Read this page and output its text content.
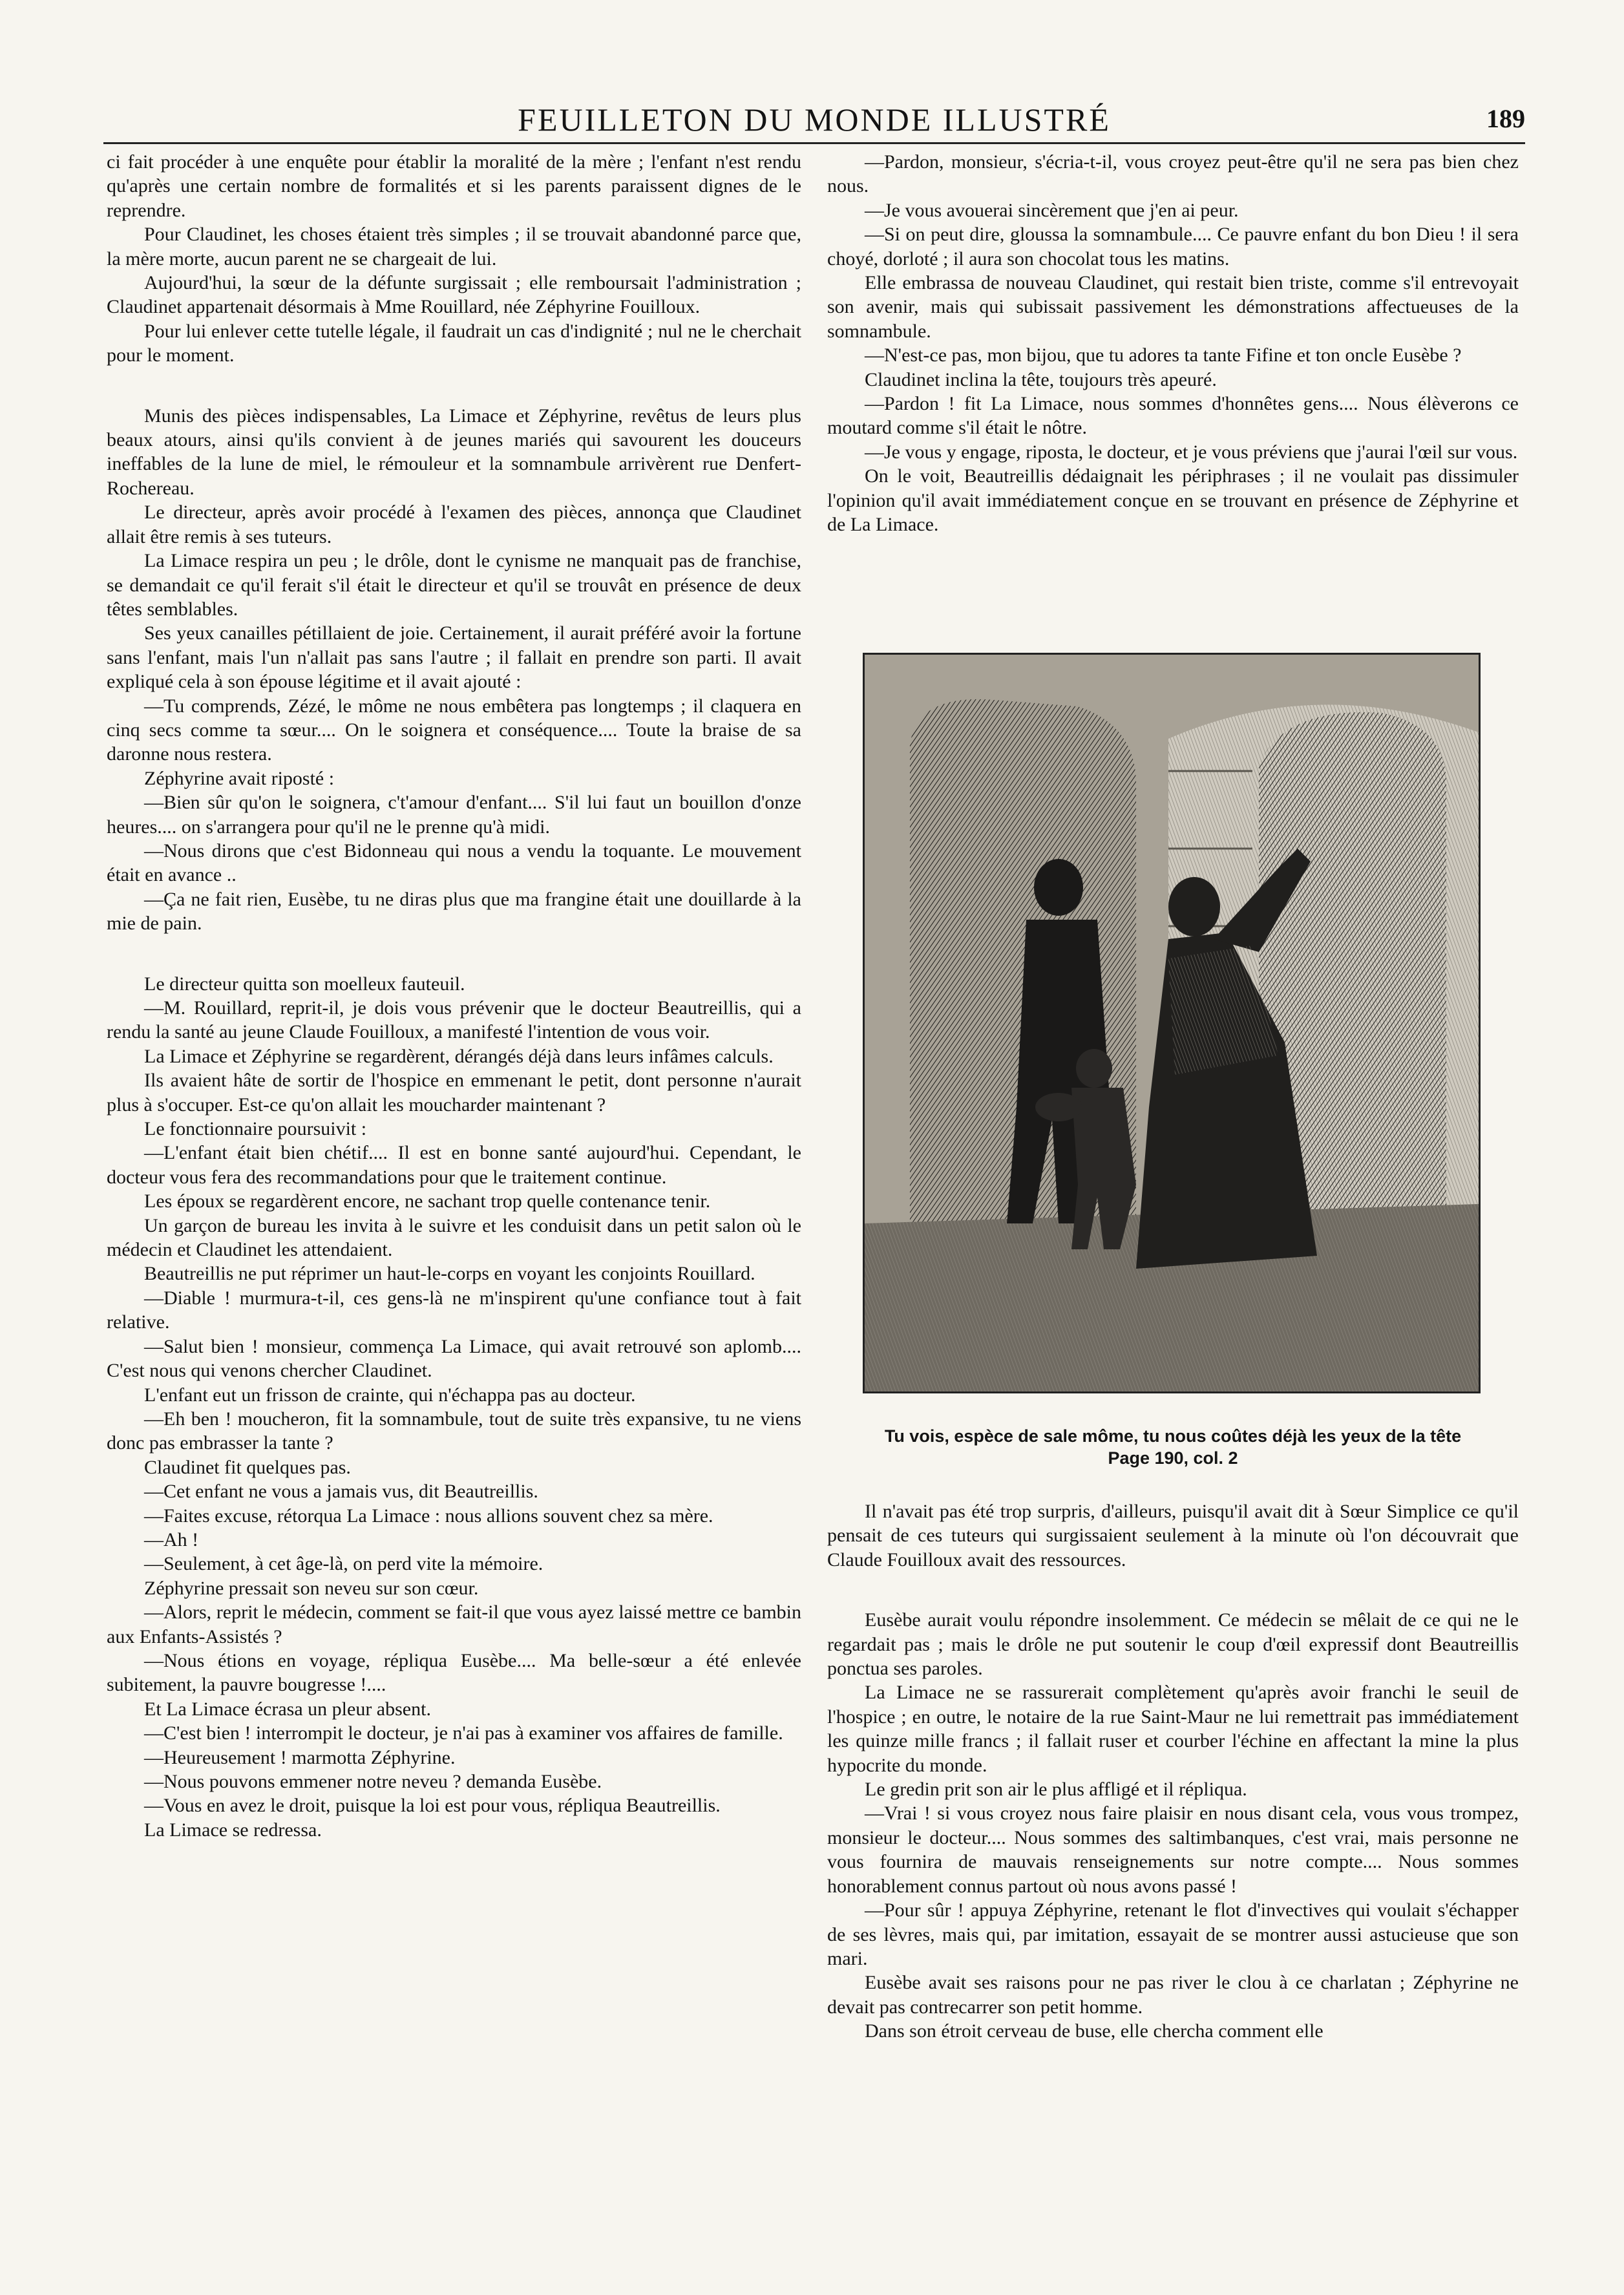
FEUILLETON DU MONDE ILLUSTRÉ	189

ci fait procéder à une enquête pour établir la moralité de la mère ; l'enfant n'est rendu qu'après une certain nombre de formalités et si les parents paraissent dignes de le reprendre.

Pour Claudinet, les choses étaient très simples ; il se trouvait abandonné parce que, la mère morte, aucun parent ne se chargeait de lui.

Aujourd'hui, la sœur de la défunte surgissait ; elle remboursait l'administration ; Claudinet appartenait désormais à Mme Rouillard, née Zéphyrine Fouilloux.

Pour lui enlever cette tutelle légale, il faudrait un cas d'indignité ; nul ne le cherchait pour le moment.

Munis des pièces indispensables, La Limace et Zéphyrine, revêtus de leurs plus beaux atours, ainsi qu'ils convient à de jeunes mariés qui savourent les douceurs ineffables de la lune de miel, le rémouleur et la somnambule arrivèrent rue Denfert-Rochereau.

Le directeur, après avoir procédé à l'examen des pièces, annonça que Claudinet allait être remis à ses tuteurs.

La Limace respira un peu ; le drôle, dont le cynisme ne manquait pas de franchise, se demandait ce qu'il ferait s'il était le directeur et qu'il se trouvât en présence de deux têtes semblables.

Ses yeux canailles pétillaient de joie. Certainement, il aurait préféré avoir la fortune sans l'enfant, mais l'un n'allait pas sans l'autre ; il fallait en prendre son parti. Il avait expliqué cela à son épouse légitime et il avait ajouté :

—Tu comprends, Zézé, le môme ne nous embêtera pas longtemps ; il claquera en cinq secs comme ta sœur.... On le soignera et conséquence.... Toute la braise de sa daronne nous restera.

Zéphyrine avait riposté :

—Bien sûr qu'on le soignera, c't'amour d'enfant.... S'il lui faut un bouillon d'onze heures.... on s'arrangera pour qu'il ne le prenne qu'à midi.

—Nous dirons que c'est Bidonneau qui nous a vendu la toquante. Le mouvement était en avance ..

—Ça ne fait rien, Eusèbe, tu ne diras plus que ma frangine était une douillarde à la mie de pain.

Le directeur quitta son moelleux fauteuil.

—M. Rouillard, reprit-il, je dois vous prévenir que le docteur Beautreillis, qui a rendu la santé au jeune Claude Fouilloux, a manifesté l'intention de vous voir.

La Limace et Zéphyrine se regardèrent, dérangés déjà dans leurs infâmes calculs.

Ils avaient hâte de sortir de l'hospice en emmenant le petit, dont personne n'aurait plus à s'occuper. Est-ce qu'on allait les moucharder maintenant ?

Le fonctionnaire poursuivit :

—L'enfant était bien chétif.... Il est en bonne santé aujourd'hui. Cependant, le docteur vous fera des recommandations pour que le traitement continue.

Les époux se regardèrent encore, ne sachant trop quelle contenance tenir.

Un garçon de bureau les invita à le suivre et les conduisit dans un petit salon où le médecin et Claudinet les attendaient.

Beautreillis ne put réprimer un haut-le-corps en voyant les conjoints Rouillard.

—Diable ! murmura-t-il, ces gens-là ne m'inspirent qu'une confiance tout à fait relative.

—Salut bien ! monsieur, commença La Limace, qui avait retrouvé son aplomb.... C'est nous qui venons chercher Claudinet.

L'enfant eut un frisson de crainte, qui n'échappa pas au docteur.

—Eh ben ! moucheron, fit la somnambule, tout de suite très expansive, tu ne viens donc pas embrasser la tante ?

Claudinet fit quelques pas.

—Cet enfant ne vous a jamais vus, dit Beautreillis.

—Faites excuse, rétorqua La Limace : nous allions souvent chez sa mère.

—Ah !

—Seulement, à cet âge-là, on perd vite la mémoire.

Zéphyrine pressait son neveu sur son cœur.

—Alors, reprit le médecin, comment se fait-il que vous ayez laissé mettre ce bambin aux Enfants-Assistés ?

—Nous étions en voyage, répliqua Eusèbe.... Ma belle-sœur a été enlevée subitement, la pauvre bougresse !....

Et La Limace écrasa un pleur absent.

—C'est bien ! interrompit le docteur, je n'ai pas à examiner vos affaires de famille.

—Heureusement ! marmotta Zéphyrine.

—Nous pouvons emmener notre neveu ? demanda Eusèbe.

—Vous en avez le droit, puisque la loi est pour vous, répliqua Beautreillis.

La Limace se redressa.

—Pardon, monsieur, s'écria-t-il, vous croyez peut-être qu'il ne sera pas bien chez nous.

—Je vous avouerai sincèrement que j'en ai peur.

—Si on peut dire, gloussa la somnambule.... Ce pauvre enfant du bon Dieu ! il sera choyé, dorloté ; il aura son chocolat tous les matins.

Elle embrassa de nouveau Claudinet, qui restait bien triste, comme s'il entrevoyait son avenir, mais qui subissait passivement les démonstrations affectueuses de la somnambule.

—N'est-ce pas, mon bijou, que tu adores ta tante Fifine et ton oncle Eusèbe ?

Claudinet inclina la tête, toujours très apeuré.

—Pardon ! fit La Limace, nous sommes d'honnêtes gens.... Nous élèverons ce moutard comme s'il était le nôtre.

—Je vous y engage, riposta, le docteur, et je vous préviens que j'aurai l'œil sur vous.

On le voit, Beautreillis dédaignait les périphrases ; il ne voulait pas dissimuler l'opinion qu'il avait immédiatement conçue en se trouvant en présence de Zéphyrine et de La Limace.

Tu vois, espèce de sale môme, tu nous coûtes déjà les yeux de la tête
Page 190, col. 2

Il n'avait pas été trop surpris, d'ailleurs, puisqu'il avait dit à Sœur Simplice ce qu'il pensait de ces tuteurs qui surgissaient seulement à la minute où l'on découvrait que Claude Fouilloux avait des ressources.

Eusèbe aurait voulu répondre insolemment. Ce médecin se mêlait de ce qui ne le regardait pas ; mais le drôle ne put soutenir le coup d'œil expressif dont Beautreillis ponctua ses paroles.

La Limace ne se rassurerait complètement qu'après avoir franchi le seuil de l'hospice ; en outre, le notaire de la rue Saint-Maur ne lui remettrait pas immédiatement les quinze mille francs ; il fallait ruser et courber l'échine en affectant la mine la plus hypocrite du monde.

Le gredin prit son air le plus affligé et il répliqua.

—Vrai ! si vous croyez nous faire plaisir en nous disant cela, vous vous trompez, monsieur le docteur.... Nous sommes des saltimbanques, c'est vrai, mais personne ne vous fournira de mauvais renseignements sur notre compte.... Nous sommes honorablement connus partout où nous avons passé !

—Pour sûr ! appuya Zéphyrine, retenant le flot d'invectives qui voulait s'échapper de ses lèvres, mais qui, par imitation, essayait de se montrer aussi astucieuse que son mari.

Eusèbe avait ses raisons pour ne pas river le clou à ce charlatan ; Zéphyrine ne devait pas contrecarrer son petit homme.

Dans son étroit cerveau de buse, elle chercha comment elle
